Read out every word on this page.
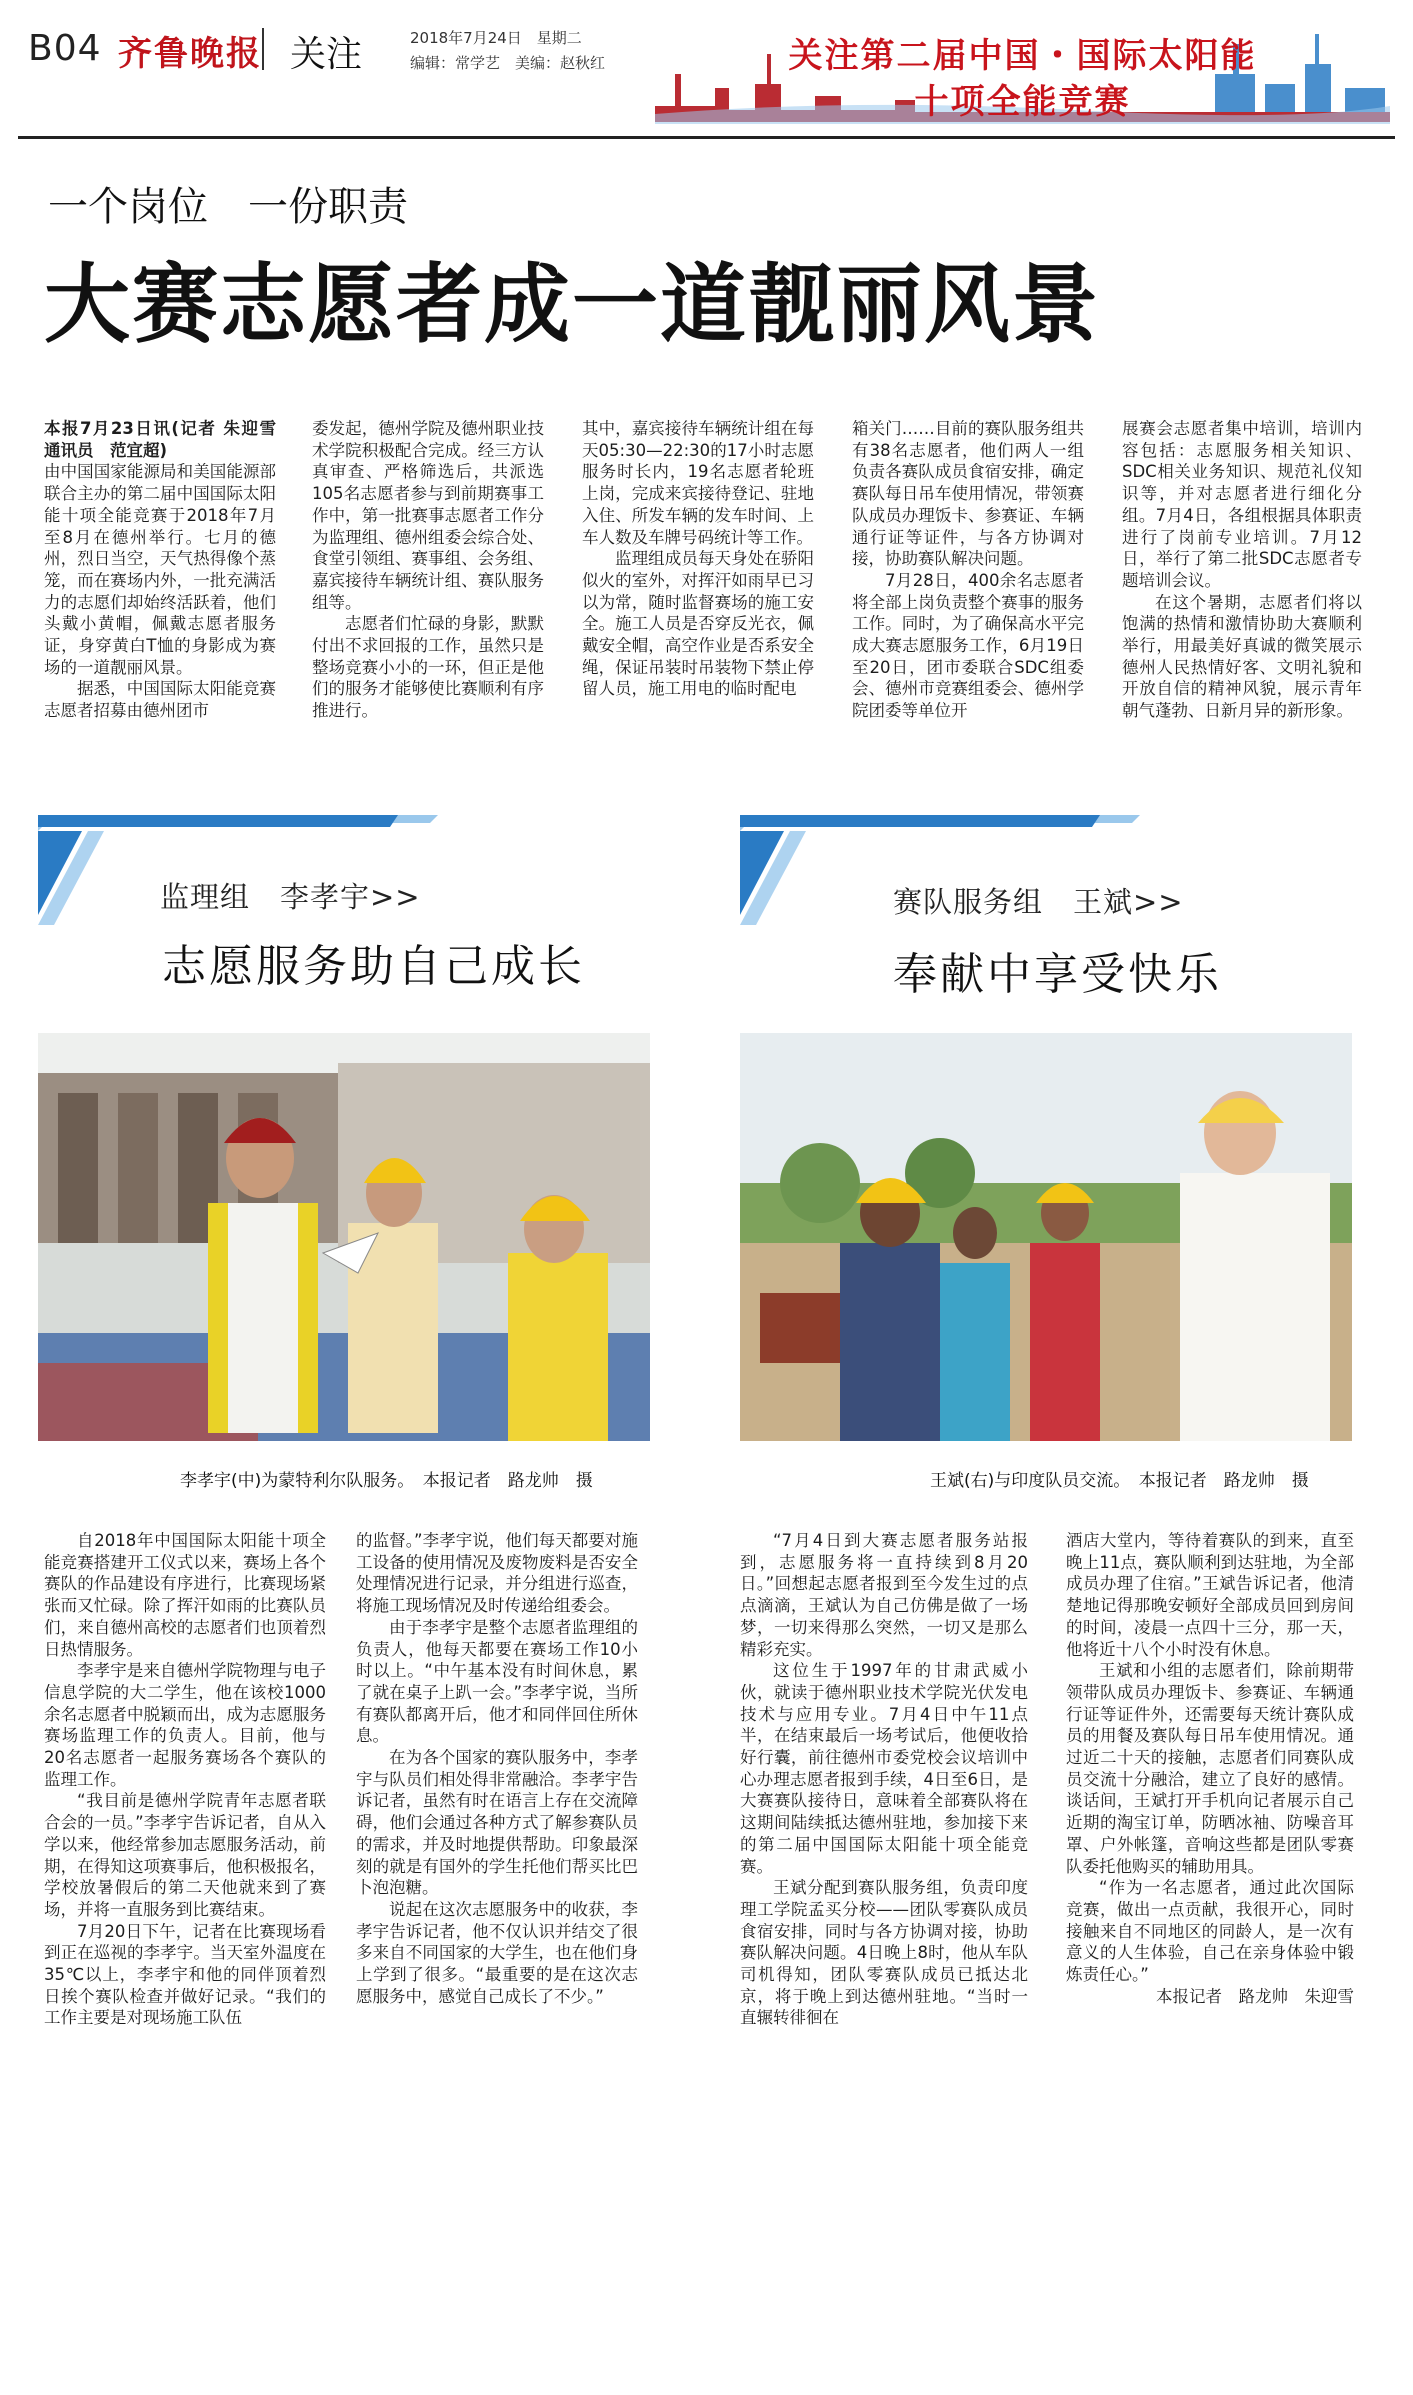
B04 齐鲁晚报 关注	2018年7月24日　星期二
编辑：常学艺　美编：赵秋红	关注第二届中国・国际太阳能
十项全能竞赛
一个岗位　一份职责
大赛志愿者成一道靓丽风景

本报7月23日讯(记者 朱迎雪　通讯员　范宜超)

由中国国家能源局和美国能源部联合主办的第二届中国国际太阳能十项全能竞赛于2018年7月至8月在德州举行。七月的德州，烈日当空，天气热得像个蒸笼，而在赛场内外，一批充满活力的志愿们却始终活跃着，他们头戴小黄帽，佩戴志愿者服务证，身穿黄白T恤的身影成为赛场的一道靓丽风景。

据悉，中国国际太阳能竞赛志愿者招募由德州团市

委发起，德州学院及德州职业技术学院积极配合完成。经三方认真审查、严格筛选后，共派选105名志愿者参与到前期赛事工作中，第一批赛事志愿者工作分为监理组、德州组委会综合处、食堂引领组、赛事组、会务组、嘉宾接待车辆统计组、赛队服务组等。

志愿者们忙碌的身影，默默付出不求回报的工作，虽然只是整场竞赛小小的一环，但正是他们的服务才能够使比赛顺利有序推进行。

其中，嘉宾接待车辆统计组在每天05:30—22:30的17小时志愿服务时长内，19名志愿者轮班上岗，完成来宾接待登记、驻地入住、所发车辆的发车时间、上车人数及车牌号码统计等工作。

监理组成员每天身处在骄阳似火的室外，对挥汗如雨早已习以为常，随时监督赛场的施工安全。施工人员是否穿反光衣，佩戴安全帽，高空作业是否系安全绳，保证吊装时吊装物下禁止停留人员，施工用电的临时配电

箱关门……目前的赛队服务组共有38名志愿者，他们两人一组负责各赛队成员食宿安排，确定赛队每日吊车使用情况，带领赛队成员办理饭卡、参赛证、车辆通行证等证件，与各方协调对接，协助赛队解决问题。

7月28日，400余名志愿者将全部上岗负责整个赛事的服务工作。同时，为了确保高水平完成大赛志愿服务工作，6月19日至20日，团市委联合SDC组委会、德州市竞赛组委会、德州学院团委等单位开

展赛会志愿者集中培训，培训内容包括：志愿服务相关知识、SDC相关业务知识、规范礼仪知识等，并对志愿者进行细化分组。7月4日，各组根据具体职责进行了岗前专业培训。7月12日，举行了第二批SDC志愿者专题培训会议。

在这个暑期，志愿者们将以饱满的热情和激情协助大赛顺利举行，用最美好真诚的微笑展示德州人民热情好客、文明礼貌和开放自信的精神风貌，展示青年朝气蓬勃、日新月异的新形象。

监理组　李孝宇>>
志愿服务助自己成长
赛队服务组　王斌>>
奉献中享受快乐
李孝宇(中)为蒙特利尔队服务。　本报记者　路龙帅　摄	王斌(右)与印度队员交流。　本报记者　路龙帅　摄

自2018年中国国际太阳能十项全能竞赛搭建开工仪式以来，赛场上各个赛队的作品建设有序进行，比赛现场紧张而又忙碌。除了挥汗如雨的比赛队员们，来自德州高校的志愿者们也顶着烈日热情服务。

李孝宇是来自德州学院物理与电子信息学院的大二学生，他在该校1000余名志愿者中脱颖而出，成为志愿服务赛场监理工作的负责人。目前，他与20名志愿者一起服务赛场各个赛队的监理工作。

“我目前是德州学院青年志愿者联合会的一员。”李孝宇告诉记者，自从入学以来，他经常参加志愿服务活动，前期，在得知这项赛事后，他积极报名，学校放暑假后的第二天他就来到了赛场，并将一直服务到比赛结束。

7月20日下午，记者在比赛现场看到正在巡视的李孝宇。当天室外温度在35℃以上，李孝宇和他的同伴顶着烈日挨个赛队检查并做好记录。“我们的工作主要是对现场施工队伍

的监督。”李孝宇说，他们每天都要对施工设备的使用情况及废物废料是否安全处理情况进行记录，并分组进行巡查，将施工现场情况及时传递给组委会。

由于李孝宇是整个志愿者监理组的负责人，他每天都要在赛场工作10小时以上。“中午基本没有时间休息，累了就在桌子上趴一会。”李孝宇说，当所有赛队都离开后，他才和同伴回住所休息。

在为各个国家的赛队服务中，李孝宇与队员们相处得非常融洽。李孝宇告诉记者，虽然有时在语言上存在交流障碍，他们会通过各种方式了解参赛队员的需求，并及时地提供帮助。印象最深刻的就是有国外的学生托他们帮买比巴卜泡泡糖。

说起在这次志愿服务中的收获，李孝宇告诉记者，他不仅认识并结交了很多来自不同国家的大学生，也在他们身上学到了很多。“最重要的是在这次志愿服务中，感觉自己成长了不少。”

“7月4日到大赛志愿者服务站报到，志愿服务将一直持续到8月20日。”回想起志愿者报到至今发生过的点点滴滴，王斌认为自己仿佛是做了一场梦，一切来得那么突然，一切又是那么精彩充实。

这位生于1997年的甘肃武威小伙，就读于德州职业技术学院光伏发电技术与应用专业。7月4日中午11点半，在结束最后一场考试后，他便收拾好行囊，前往德州市委党校会议培训中心办理志愿者报到手续，4日至6日，是大赛赛队接待日，意味着全部赛队将在这期间陆续抵达德州驻地，参加接下来的第二届中国国际太阳能十项全能竞赛。

王斌分配到赛队服务组，负责印度理工学院孟买分校——团队零赛队成员食宿安排，同时与各方协调对接，协助赛队解决问题。4日晚上8时，他从车队司机得知，团队零赛队成员已抵达北京，将于晚上到达德州驻地。“当时一直辗转徘徊在

酒店大堂内，等待着赛队的到来，直至晚上11点，赛队顺利到达驻地，为全部成员办理了住宿。”王斌告诉记者，他清楚地记得那晚安顿好全部成员回到房间的时间，凌晨一点四十三分，那一天，他将近十八个小时没有休息。

王斌和小组的志愿者们，除前期带领带队成员办理饭卡、参赛证、车辆通行证等证件外，还需要每天统计赛队成员的用餐及赛队每日吊车使用情况。通过近二十天的接触，志愿者们同赛队成员交流十分融洽，建立了良好的感情。谈话间，王斌打开手机向记者展示自己近期的淘宝订单，防晒冰袖、防噪音耳罩、户外帐篷，音响这些都是团队零赛队委托他购买的辅助用具。

“作为一名志愿者，通过此次国际竞赛，做出一点贡献，我很开心，同时接触来自不同地区的同龄人，是一次有意义的人生体验，自己在亲身体验中锻炼责任心。”

本报记者　路龙帅　朱迎雪
